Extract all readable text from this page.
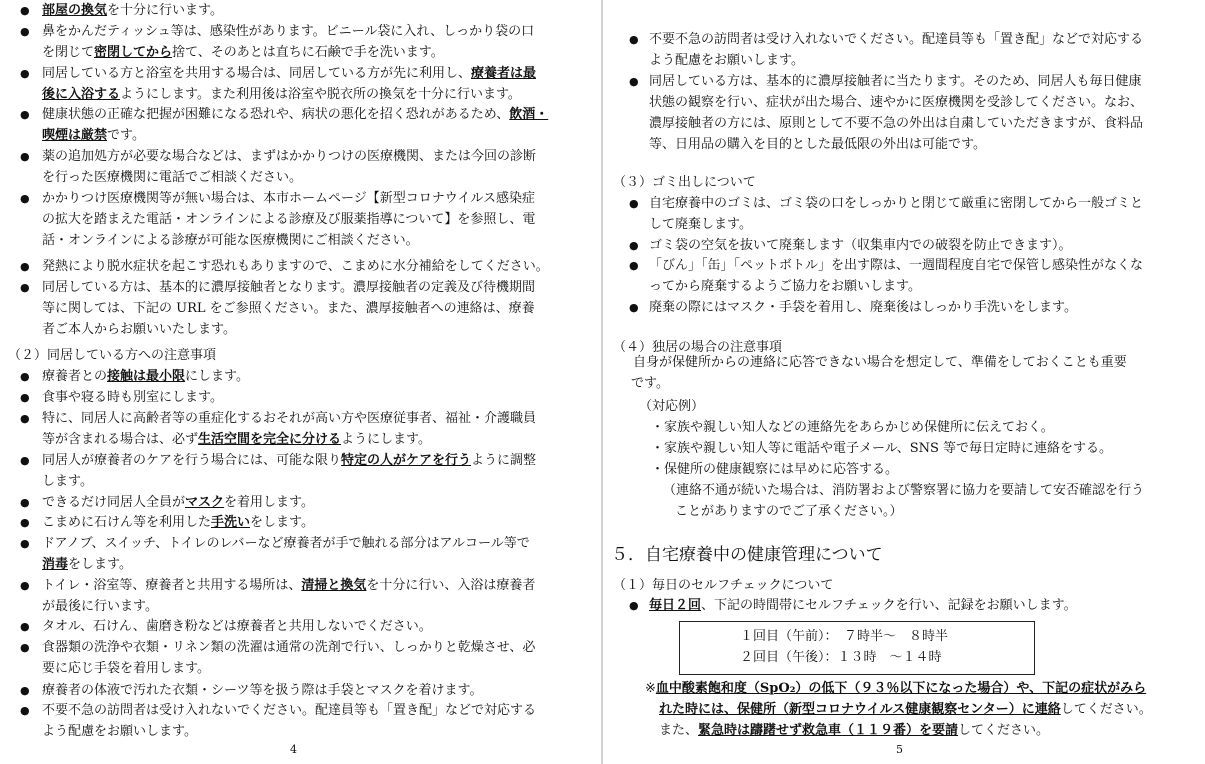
4
● 部屋の換気を十分に行います。
● 鼻をかんだティッシュ等は、感染性があります。ビニール袋に入れ、しっかり袋の口
を閉じて密閉してから捨て、そのあとは直ちに石鹸で手を洗います。
● 同居している方と浴室を共用する場合は、同居している方が先に利用し、療養者は最
後に入浴するようにします。また利用後は浴室や脱衣所の換気を十分に行います。
● 健康状態の正確な把握が困難になる恐れや、病状の悪化を招く恐れがあるため、飲酒・
喫煙は厳禁です。
● 薬の追加処方が必要な場合などは、まずはかかりつけの医療機関、または今回の診断
を行った医療機関に電話でご相談ください。
● かかりつけ医療機関等が無い場合は、本市ホームページ【新型コロナウイルス感染症
の拡大を踏まえた電話・オンラインによる診療及び服薬指導について】を参照し、電
話・オンラインによる診療が可能な医療機関にご相談ください。
● 発熱により脱水症状を起こす恐れもありますので、こまめに水分補給をしてください。
● 同居している方は、基本的に濃厚接触者となります。濃厚接触者の定義及び待機期間
等に関しては、下記の URL をご参照ください。また、濃厚接触者への連絡は、療養
者ご本人からお願いいたします。
（２）同居している方への注意事項
● 療養者との接触は最小限にします。
● 食事や寝る時も別室にします。
● 特に、同居人に高齢者等の重症化するおそれが高い方や医療従事者、福祉・介護職員
等が含まれる場合は、必ず生活空間を完全に分けるようにします。
● 同居人が療養者のケアを行う場合には、可能な限り特定の人がケアを行うように調整
します。
● できるだけ同居人全員がマスクを着用します。
● こまめに石けん等を利用した手洗いをします。
● ドアノブ、スイッチ、トイレのレバーなど療養者が手で触れる部分はアルコール等で
消毒をします。
● トイレ・浴室等、療養者と共用する場所は、清掃と換気を十分に行い、入浴は療養者
が最後に行います。
● タオル、石けん、歯磨き粉などは療養者と共用しないでください。
● 食器類の洗浄や衣類・リネン類の洗濯は通常の洗剤で行い、しっかりと乾燥させ、必
要に応じ手袋を着用します。
● 療養者の体液で汚れた衣類・シーツ等を扱う際は手袋とマスクを着けます。
● 不要不急の訪問者は受け入れないでください。配達員等も「置き配」などで対応する
よう配慮をお願いします。
5
● 不要不急の訪問者は受け入れないでください。配達員等も「置き配」などで対応する
よう配慮をお願いします。
● 同居している方は、基本的に濃厚接触者に当たります。そのため、同居人も毎日健康
状態の観察を行い、症状が出た場合、速やかに医療機関を受診してください。なお、
濃厚接触者の方には、原則として不要不急の外出は自粛していただきますが、食料品
等、日用品の購入を目的とした最低限の外出は可能です。
（３）ゴミ出しについて
● 自宅療養中のゴミは、ゴミ袋の口をしっかりと閉じて厳重に密閉してから一般ゴミと
して廃棄します。
● ゴミ袋の空気を抜いて廃棄します（収集車内での破裂を防止できます）。
● 「びん」「缶」「ペットボトル」を出す際は、一週間程度自宅で保管し感染性がなくな
ってから廃棄するようご協力をお願いします。
● 廃棄の際にはマスク・手袋を着用し、廃棄後はしっかり手洗いをします。
（４）独居の場合の注意事項
自身が保健所からの連絡に応答できない場合を想定して、準備をしておくことも重要
です。
（対応例）
・家族や親しい知人などの連絡先をあらかじめ保健所に伝えておく。
・家族や親しい知人等に電話や電子メール、SNS 等で毎日定時に連絡をする。
・保健所の健康観察には早めに応答する。
（連絡不通が続いた場合は、消防署および警察署に協力を要請して安否確認を行う
ことがありますのでご了承ください。）
５．自宅療養中の健康管理について
（１）毎日のセルフチェックについて
● 毎日２回、下記の時間帯にセルフチェックを行い、記録をお願いします。
１回目（午前）：　７時半～　８時半
２回目（午後）：１３時　～１４時
※血中酸素飽和度（SpO₂）の低下（９３％以下になった場合）や、下記の症状がみら
れた時には、保健所（新型コロナウイルス健康観察センター）に連絡してください。
また、緊急時は躊躇せず救急車（１１９番）を要請してください。
